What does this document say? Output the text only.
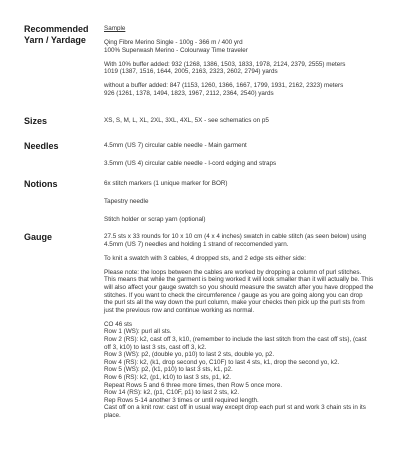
Recommended
Yarn / Yardage

Sample

Qing Fibre Merino Single - 100g - 366 m / 400 yrd

100% Superwash Merino - Colourway Time traveler

With 10% buffer added: 932 (1268, 1386, 1503, 1833, 1978, 2124, 2379, 2555) meters

1019 (1387, 1516, 1644, 2005, 2163, 2323, 2602, 2794) yards

without a buffer added: 847 (1153, 1260, 1366, 1667, 1799, 1931, 2162, 2323) meters

926 (1261, 1378, 1494, 1823, 1967, 2112, 2364, 2540) yards

Sizes	XS, S, M, L, XL, 2XL, 3XL, 4XL, 5X - see schematics on p5

Needles	4.5mm (US 7) circular cable needle - Main garment

3.5mm (US 4) circular cable needle - I-cord edging and straps

Notions	6x stitch markers (1 unique marker for BOR)

Tapestry needle

Stitch holder or scrap yarn (optional)

Gauge	27.5 sts x 33 rounds for 10 x 10 cm (4 x 4 inches) swatch in cable stitch (as seen below) using

4.5mm (US 7) needles and holding 1 strand of reccomended yarn.

To knit a swatch with 3 cables, 4 dropped sts, and 2 edge sts either side:

Please note: the loops between the cables are worked by dropping a column of purl stitches.

This means that while the garment is being worked it will look smaller than it will actually be. This

will also affect your gauge swatch so you should measure the swatch after you have dropped the

stitches. If you want to check the circumference / gauge as you are going along you can drop

the purl sts all the way down the purl column, make your checks then pick up the purl sts from

just the previous row and continue working as normal.

CO 46 sts

Row 1 (WS): purl all sts.

Row 2 (RS): k2, cast off 3, k10, (remember to include the last stitch from the cast off sts), (cast

off 3, k10) to last 3 sts, cast off 3, k2.

Row 3 (WS): p2, (double yo, p10) to last 2 sts, double yo, p2.

Row 4 (RS): k2, (k1, drop second yo, C10F) to last 4 sts, k1, drop the second yo, k2.

Row 5 (WS): p2, (k1, p10) to last 3 sts, k1, p2.

Row 6 (RS): k2, (p1, k10) to last 3 sts, p1, k2.

Repeat Rows 5 and 6 three more times, then Row 5 once more.

Row 14 (RS): k2, (p1, C10F, p1) to last 2 sts, k2.

Rep Rows 5-14 another 3 times or until required length.

Cast off on a knit row: cast off in usual way except drop each purl st and work 3 chain sts in its

place.
